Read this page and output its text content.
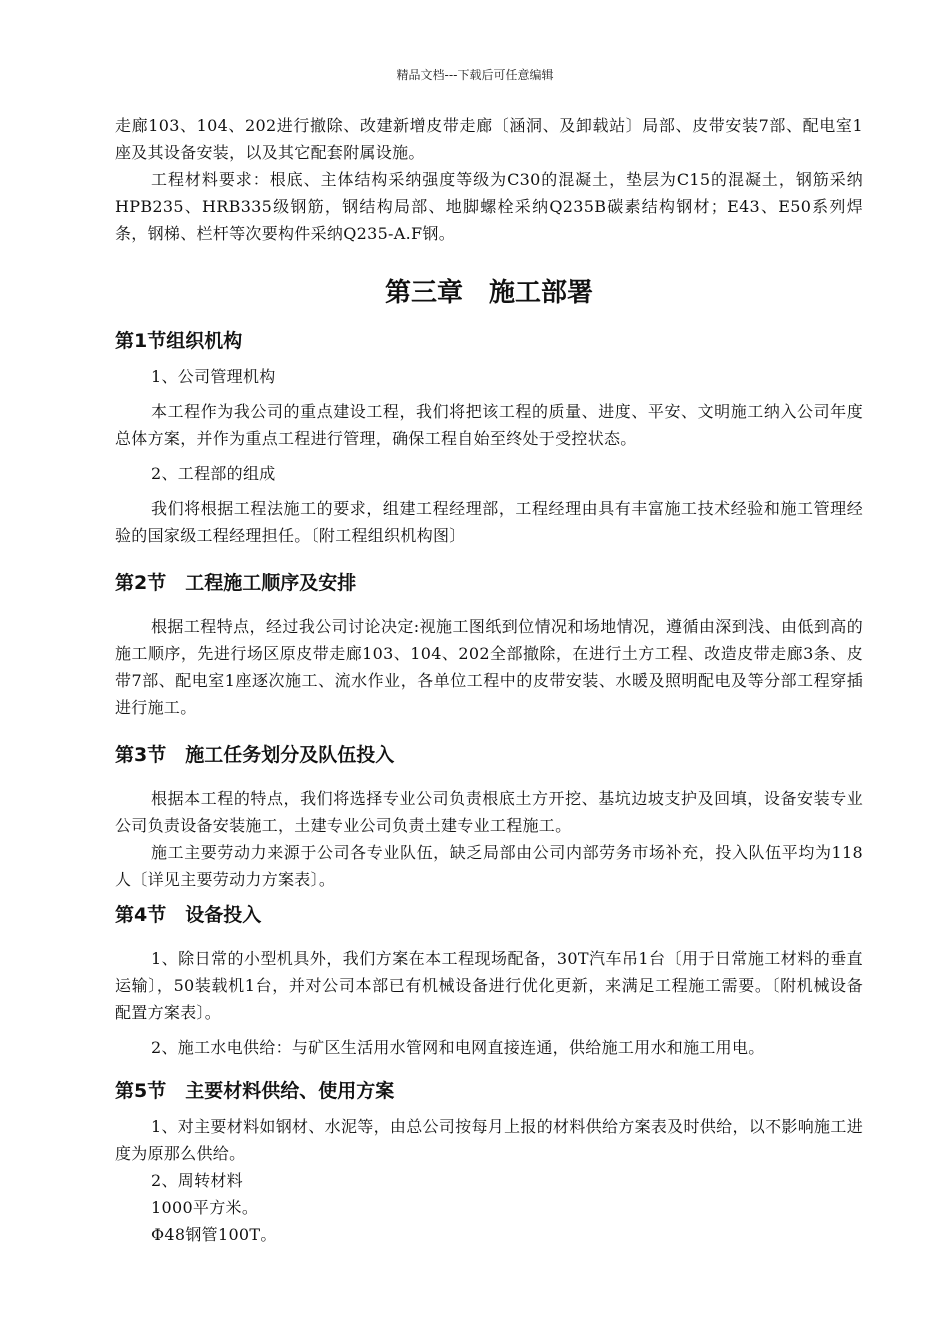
精品文档---下载后可任意编辑

走廊103、104、202进行撤除、改建新增皮带走廊〔涵洞、及卸载站〕局部、皮带安装7部、配电室1座及其设备安装，以及其它配套附属设施。

工程材料要求：根底、主体结构采纳强度等级为C30的混凝土，垫层为C15的混凝土，钢筋采纳HPB235、HRB335级钢筋，钢结构局部、地脚螺栓采纳Q235B碳素结构钢材；E43、E50系列焊条，钢梯、栏杆等次要构件采纳Q235-A.F钢。

第三章　施工部署
第1节组织机构

1、公司管理机构

本工程作为我公司的重点建设工程，我们将把该工程的质量、进度、平安、文明施工纳入公司年度总体方案，并作为重点工程进行管理，确保工程自始至终处于受控状态。

2、工程部的组成

我们将根据工程法施工的要求，组建工程经理部，工程经理由具有丰富施工技术经验和施工管理经验的国家级工程经理担任。〔附工程组织机构图〕

第2节　工程施工顺序及安排

根据工程特点，经过我公司讨论决定:视施工图纸到位情况和场地情况，遵循由深到浅、由低到高的施工顺序，先进行场区原皮带走廊103、104、202全部撤除，在进行土方工程、改造皮带走廊3条、皮带7部、配电室1座逐次施工、流水作业，各单位工程中的皮带安装、水暖及照明配电及等分部工程穿插进行施工。

第3节　施工任务划分及队伍投入

根据本工程的特点，我们将选择专业公司负责根底土方开挖、基坑边坡支护及回填，设备安装专业公司负责设备安装施工，土建专业公司负责土建专业工程施工。

施工主要劳动力来源于公司各专业队伍，缺乏局部由公司内部劳务市场补充，投入队伍平均为118人〔详见主要劳动力方案表〕。

第4节　设备投入

1、除日常的小型机具外，我们方案在本工程现场配备，30T汽车吊1台〔用于日常施工材料的垂直运输〕，50装载机1台，并对公司本部已有机械设备进行优化更新，来满足工程施工需要。〔附机械设备配置方案表〕。

2、施工水电供给：与矿区生活用水管网和电网直接连通，供给施工用水和施工用电。

第5节　主要材料供给、使用方案

1、对主要材料如钢材、水泥等，由总公司按每月上报的材料供给方案表及时供给，以不影响施工进度为原那么供给。

2、周转材料

1000平方米。

Φ48钢管100T。
